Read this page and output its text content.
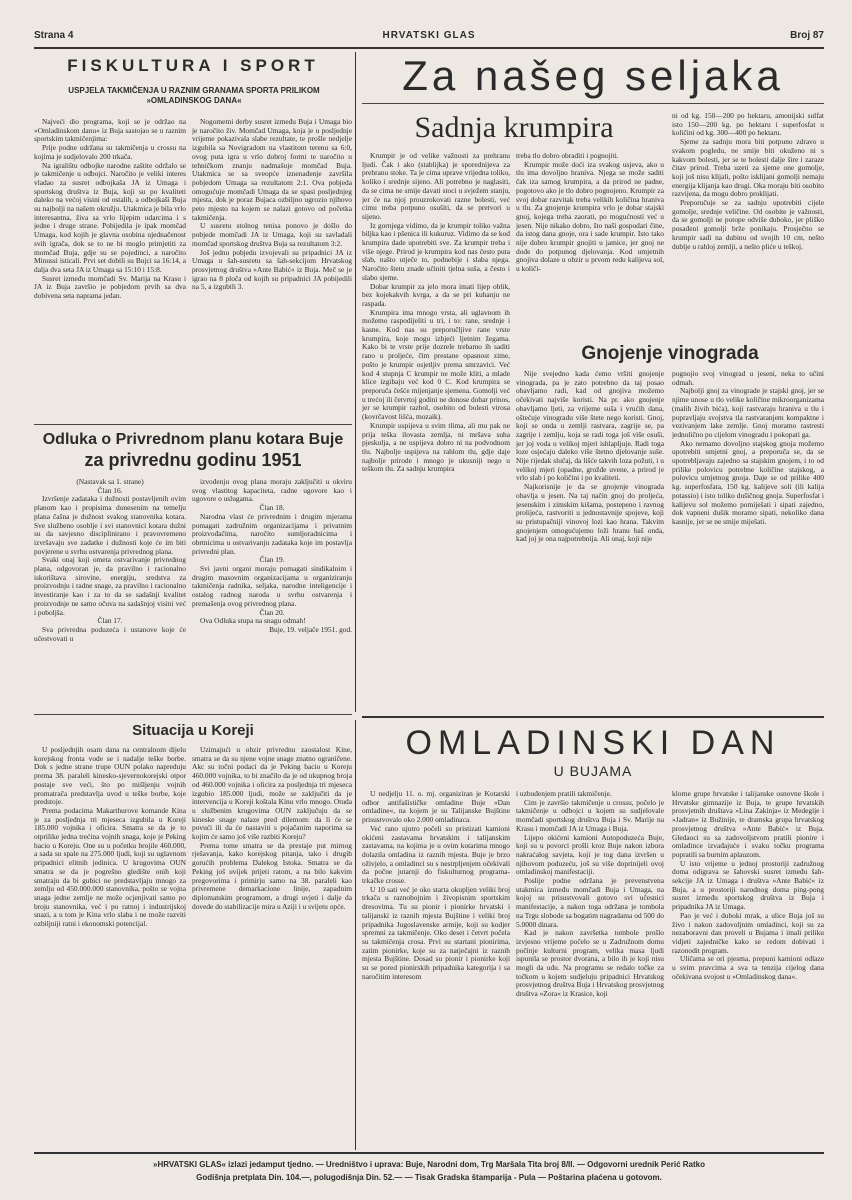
Strana 4	HRVATSKI GLAS	Broj 87
FISKULTURA I SPORT
USPJELA TAKMIČENJA U RAZNIM GRANAMA SPORTA PRILIKOM »OMLADINSKOG DANA«

Najveći dio programa, koji se je održao na »Omladinskom danu« iz Buja sastojao se u raznim sportskim takmičenjima:

Prije podne održana su takmičenja u crossu na kojima je sudjelovalo 200 trkača.

Na igralištu odbojke narodne zaštite održalo se je takmičenje u odbojci. Naročito je veliki interes vladao za susret odbojkaša JA iz Umaga i sportskog društva iz Buja, koji su po kvaliteti daleko na većoj visini od ostalih, a odbojkaši Buja su najbolji na našem okružju. Utakmica je bila vrlo interesantna, živa sa vrlo lijepim udarcima i s jedne i druge strane. Pobijedila je ipak momčad Umaga, kod kojih je glavna osobina ujednačenost svih igrača, dok se to ne bi moglo primjetiti za momčad Buja, gdje su se pojedinci, a naročito Minussi isticali. Prvi set dobili su Bujci sa 16:14, a dalja dva seta JA iz Umaga sa 15:10 i 15:8.

Susret između momčadi Sv. Marija na Krasu i JA iz Buja završio je pobjedom prvih sa dva dobivena seta naprama jedan.

Nogometni derby susret između Buja i Umaga bio je naročito živ. Momčad Umaga, koja je u posljednje vrijeme pokazivala slabe rezultate, te prošle nedjelje izgubila sa Novigradom na vlastitom terenu sa 6:0, ovog puta igra u vrlo dobroj formi te naročito u tehničkom znanju nadmašuje momčad Buja. Utakmica se sa sveopće iznenađenje završila pobjedom Umaga sa rezultatom 2:1. Ova pobjeda omogućuje momčadi Umaga da se spasi posljednjeg mjesta, dok je poraz Bujaca ozbiljno ugrozio njihovo peto mjesto na kojem se nalazi gotovo od početka takmičenja.

U susretu stolnog tenisa ponovo je došlo do pobjede momčadi JA iz Umaga, koji su savladali momčad sportskog društva Buja sa rezultatom 3:2.

Još jednu pobjedu izvojevali su pripadnici JA iz Umaga u šah-susretu sa šah-sekcijom Hrvatskog prosvjetnog društva »Ante Babić« iz Buja. Meč se je igrao na 8 ploča od kojih su pripadnici JA pobijedili na 5, a izgubili 3.

Odluka o Privrednom planu kotara Buje
za privrednu godinu 1951
(Nastavak sa 1. strane)

Član 16.

Izvršenje zadataka i dužnosti postavljenih ovim planom kao i propisima donesenim na temelju plana čašna je dužnost svakog stanovnika kotara. Sve službeno osoblje i svi stanovnici kotara dužni su da savjesno disciplinirano i pravovremeno izvršavaju sve zadatke i dužnosti koje će im biti povjerene u svrhu ostvarenja privrednog plana.

Svaki onaj koji ometa ostvarivanje privrednog plana, odgovoran je, da pravilno i racionalno iskorištava sirovine, energiju, sredstva za proizvodnju i radne snage, za pravilno i racionalno investiranje kao i za to da se sadašnji kvalitet proizvodnje ne samo očuva na sadašnjoj visini već i poboljša.

Član 17.

Sva privredna poduzeća i ustanove koje će učestvovati u

izvođenju ovog plana moraju zaključiti u okviru svog vlastitog kapaciteta, radne ugovore kao i ugovore o uslugama.

Član 18.

Narodna vlast će privrednim i drugim mjerama pomagati zadružnim organizacijama i privatnim proizvođačima, naročito sumljoradnicima i obrtnicima u ostvarivanju zadataka koje im postavlja privredni plan.

Član 19.

Svi javni organi moraju pomagati sindikalnim i drugim masovnim organizacijama u organiziranju takmičenja radnika, seljaka, narodne inteligencije i ostalog radnog naroda u svrhu ostvarenja i premašenja ovog privrednog plana.

Član 20.

Ova Odluka stupa na snagu odmah!

Buje, 19. veljače 1951. god.

Situacija u Koreji

U posljednjih osam dana na centralnom dijelu korejskog fronta vode se i nadalje teške borbe. Dok s jedne strane trupe OUN polako napreduju prema 38. paraleli kinesko-sjevernokorejski otpor postaje sve veći, što po mišljenju vojnih promatrača predstavlja uvod u teške borbe, koje predstoje.

Prema podacima Makarthurove komande Kina je za posljednja tri mjeseca izgubila u Koreji 185.000 vojnika i oficira. Smatra se da je to otprilike jedna trećina vojnih snaga, koje je Peking bacio u Koreju. One su u početku brojile 460.000, a sada su spale na 275.000 ljudi, koji su uglavnom pripadnici elitnih jedinica. U krugovima OUN smatra se da je pogrešno gledište onih koji smatraju da bi gubici ne predstavljaju mnogo za zemlju od 450.000.000 stanovnika, pošto se vojna snaga jedne zemlje ne može ocjenjivati samo po broju stanovnika, već i po ratnoj i industrijskoj snazi, a u tom je Kina vrlo slaba i ne može razviti ozbiljniji ratni i ekonomski potencijal.

Uzimajući u obzir privrednu zaostalost Kine, smatra se da su njene vojne snage znatno ograničene. Akc su točni podaci da je Peking bacio u Koreju 460.000 vojnika, to bi značilo da je od ukupnog broja od 460.000 vojnika i oficira za posljednja tri mjeseca izgubio 185.000 ljudi, može se zaključiti da je intervencija u Koreji koštala Kinu vrlo mnogo. Otuda u službenim krugovima OUN zaključuju da se kineske snage nalaze pred dilemom: da li će se povući ili da će nastaviti s pojačanim naporima sa kojim će samo još više razbiti Koreju?

Prema tome smatra se da prestaje put mirnog rješavanja, kako korejskog pitanja, tako i drugih gorućih problema Dalekog Istoka. Smatra se da Peking još uvijek prijeti ratom, a na bilo kakvim pregovorima i primirju samo na 38. paraleli kao privremene demarkacione linije, zapadnim diplomatskim programom, a drugi uvjeti i dalje da dovede do stabilizacije mira u Aziji i u svijetu opće.

Za našeg seljaka
Sadnja krumpira

Krumpir je od velike važnosti za prehranu ljudi. Čak i ako (stablijka) je sporednijeva za prehranu stoke. Ta je cima uprave vrijedna toliko, koliko i srednje sijeno. Ali potrebno je naglasiti, da se cima ne smije davati stoci u svježem stanju, jer će na njoj prouzrokovati razne bolesti, već cimu treba potpuno osušiti, da se pretvori u sijeno.

Iz gornjega vidimo, da je krumpir toliko važna biljka kao i pšenica ili kukuruz. Vidimo da se kod krumpira dade upotrebiti sve. Za krumpir treba i više njege. Prirod je krumpira kod nas često puta slab, našto utječe to, podnebije i slaba njega. Naročito štetu znade učiniti tjelna suša, a često i slabo sjeme.

Dobar krumpir za jelo mora imati lijep oblik, bez kojekakvih kvrga, a da se pri kuhanju ne raspada.

Krumpira ima mnogo vrsta, ali uglavnom ih možemo raspodijeliti u tri, i to: rane, srednje i kasne. Kod nas su preporučljive rane vrste krumpira, koje mogu izbjeći ljetnim žegama. Kako bi te vrste prije dozrele trebamo ih saditi rano u proljeće, čim prestane opasnost zime, pošto je krumpir osjetljiv prema smrzavici. Već kod 4 stupnja C krumpir ne može kliti, a mlade klice izgibaju već kod 0 C. Kod krumpira se preporuča češće mijenjanje sjemena. Gomolji već u trećoj ili četvrtoj godini ne donose dobar prinos, jer se krumpir razbol, osobito od bolesti virosa (kovrčavost lišća, mozaik).

Krumpir uspijeva u svim tlima, ali mu pak ne prija teška ilovasta zemlja, ni mršava suha pjeskulja, a ne uspijeva dobro ni na podvodnom tlu. Najbolje uspijeva na rahlom tlu, gdje daje najbolje prirode i mnogo je ukusniji nego u teškom tlu. Za sadnju krumpira

treba tlo dobro obraditi i pognojiti.

Krumpir može doći iza svakog usjeva, ako u tlu ima dovoljno hraniva. Njega se može saditi čak iza samog krumpira, a da prirod ne padne, pogotovo ako je tlo dobro pognojeno. Krumpir za svoj dobar razvitak treba velikih količina hraniva u tlu. Za gnojenje krumpira vrlo je dobar stajski gnoj, kojega treba zaorati, po mogućnosti već u jesen. Nije nikako dobro, što naši gospodari čine, da istog dana gnoje, ora i sade krumpir. Isto tako nije dobro krumpir gnojiti u jamice, jer gnoj ne dođe do potpunog djelovanja. Kod umjetnih gnojiva dolaze u obzir u prvom redu kalijeva sol, u količi-

ni od kg. 150—200 po hektaru, amonijski sulfat isto 150—200 kg. po hektaru i superfosfat u količini od kg. 300—400 po hektaru.

Sjeme za sadnju mora biti potpuno zdravo u svakom pogledu, ne smije biti okuženo ni s kakvom bolesti, jer se te bolesti dalje šire i zaraze čitav prirod. Treba uzeti za sjeme one gomolje, koji još nisu klijali, pošto isklijani gomolji nemaju energija klijanja kao drugi. Oka moraju biti osobito razvijena, da mogu dobro proklijati.

Preporučuje se za sadnju upotrebiti cijele gomolje, srednje veličine. Od osobite je važnosti, da se gomolji ne potope odviše duboko, jer pliško posađeni gomolji brže ponikaju. Prosječno se krumpir sadi na dubinu od svojih 10 cm, nešto dublje u rahloj zemlji, a nešto pliće u teškoj.

Gnojenje vinograda

Nije svejedno kada ćemo vršiti gnojenje vinograda, pa je zato potrebno da taj posao obavljamo radi, kad od gnojiva možemo očekivati najviše koristi. Na pr. ako gnojenje obavljamo ljeti, za vrijeme suša i vrućih dana, oštećuje vinogradu više štete nego koristi. Gnoj, koji se onda u zemlji rastvara, zagrije se, pa zagrije i zemlju, koja se radi toga još više osuši, jer joj voda u velikoj mjeri ishlapljuje. Radi toga loze osjećaju daleko više štetno djelovanje suše. Nije rijedak slučaj, da lišće takvih loza požuti, i u velikoj mjeri (opadne, grožđe uvene, a prirod je vrlo slab i po količini i po kvaliteti.

Najkorisnije je da se gnojenje vinograda obavlja u jesen. Na taj način gnoj do proljeća, jesenskim i zimskim kišama, postepeno i ravnog prolijeća, rastvoriti u jednostavnije spojeve, koji su pristupačniji vinovoj lozi kao hrana. Takvim gnojenjem omogućujemo loži hranu baš onda, kad joj je ona najpotrebnija. Ali onaj, koji nije

pognojio svoj vinograd u jeseni, neka to učini odmah.

Najbolji gnoj za vinograde je stajski gnoj, jer se njime unose u tlo velike količine mikroorganizama (malih živih bića), koji rastvaraju hraniva u tlu i popravljaju svojstva tla rastvaranjem kompaktne i vezivanjem lake zemlje. Gnoj moramo rastresti jednolično po cijelom vinogradu i pokopati ga.

Ako nemamo dovoljno stajskog gnoja možemo upotrebiti umjetni gnoj, a preporuča se, da se upotrebljavaju zajedno sa stajskim gnojem, i to od prilike polovicu potrebne količine stajskog, a polovicu umjetnog gnoja. Daje se od prilike 400 kg. superfosfata, 150 kg. kalijeve soli (ili kalija potassio) i isto toliko dušičnog gnoja. Superfosfat i kalijevu sol možemo pomiješati i sipati zajedno, dok vapneni dušik moramo sipati, nekoliko dana kasnije, jer se ne smije miješati.

OMLADINSKI DAN
U BUJAMA

U nedjelju 11. o. mj. organiziran je Kotarski odbor antifašističke omladine Buje »Dan omladine«, na kojem je su Talijanske Bujštine prisustvovalo oko 2.000 omladinaca.

Već rano ujutro počeli su pristizati kamioni okićeni zastavama hrvatskim i talijanskim zastavama, na kojima je u ovim kotarima mnogo dolazila omladina iz raznih mjesta. Buje je brzo oživjelo, a omladinci su s nestrpljenjem očekivali da počne jutarnji do fiskulturnog programa-trkačke crosse.

U 10 sati već je oko starta okupljen veliki broj trkača u raznobojnim i živopisnim sportskim dresovima. Tu su pionir i pionirke hrvatski i talijanski iz raznih mjesta Bujštine i veliki broj pripadnika Jugoslavenske armije, koji su kodjer spremni za takmičenje. Oko deset i četvrt počela su takmičenja crosa. Prvi su startani pionirima, zatim pionirke, koje su za natječajni iz raznih mjesta Bujštine. Dosad su pionir i pionirke koji su se pored pionirskih pripadnika kategorija i sa naročitim interesom

i uzbuđenjem pratili takmičenje.

Cim je završio takmičenje u crossu, počelo je takmičenje u odbojci u kojem su sudjelovale momčadi sportskog društva Buja i Sv. Marije na Krasu i momčadi JA iz Umaga i Buja.

Lijepo okićeni kamioni Autopoduzeća Buje, koji su u povorci prošli kroz Buje nakon izbora nakraćalog savjeta, koji je tog dana izvršen u njihovom poduzeću, još su više doprinijeli ovoj omladinskoj manifestaciji.

Poslije podne održana je prevenstvena utakmica između momčadi Buja i Umaga, na kojoj su prisustvovali gotovo svi učesnici manifestacije, a nakon toga održana je tombola na Trgu slobode sa bogatim nagradama od 500 do 5.0000 dinara.

Kad je nakon završetka tombole prošlo izvjesno vrijeme počelo se u Zadružnom domu počinje kulturni program, velika masa ljudi ispunila se prostor dvorana, a bilo ih je koji nisu mogli da uđu. Na programu se redalo točke za točkom u kojem sudjeluju pripadnici Hrvatskog prosvjetnog društva Buja i Hrvatskog prosvjetnog društva »Zora« iz Krasice, koji

klorne grupe hrvatske i talijanske osnovne škole i Hrvatske gimnazije iz Buja, te grupe hrvatskih prosvjetnih društava »Lina Zakinja« iz Medegije i »Jadran« iz Bužinije, te dramska grupa hrvatskog prosvjetnog društva »Ante Babić« iz Buja. Gledaoci su sa zadovoljstvom pratili pionire i omladince izvađajuće i svaku točku programa popratili sa burnim aplauzom.

U isto vrijeme u jednoj prostoriji zadružnog doma odigrava se šahovski susret između šah-sekcije JA iz Umaga i društva »Ante Babić« iz Buja, a u prostoriji narodnog doma ping-pong susret između sportskog društva iz Buja i pripadnika JA iz Umaga.

Pao je već i duboki mrak, a ulice Buja još su živo i nakon zadovoljnim omladinci, koji su za nezaboravni dan proveli u Bujama i imali priliku vidjeti zajedničke kako se redom dobivati i razonodit program.

Uličama se ori pjesma, prepuni kamioni odlaze u svim pravcima a sva ta tenzija cijelog dana očekivana svojost u »Omladinskog dana«.

»HRVATSKI GLAS« izlazi jedamput tjedno. — Uredništvo i uprava: Buje, Narodni dom, Trg Maršala Tita broj 8/II. — Odgovorni urednik Perić Ratko
Godišnja pretplata Din. 104.—, polugodišnja Din. 52.— — Tisak Gradska štamparija - Pula — Poštarina plaćena u gotovom.
